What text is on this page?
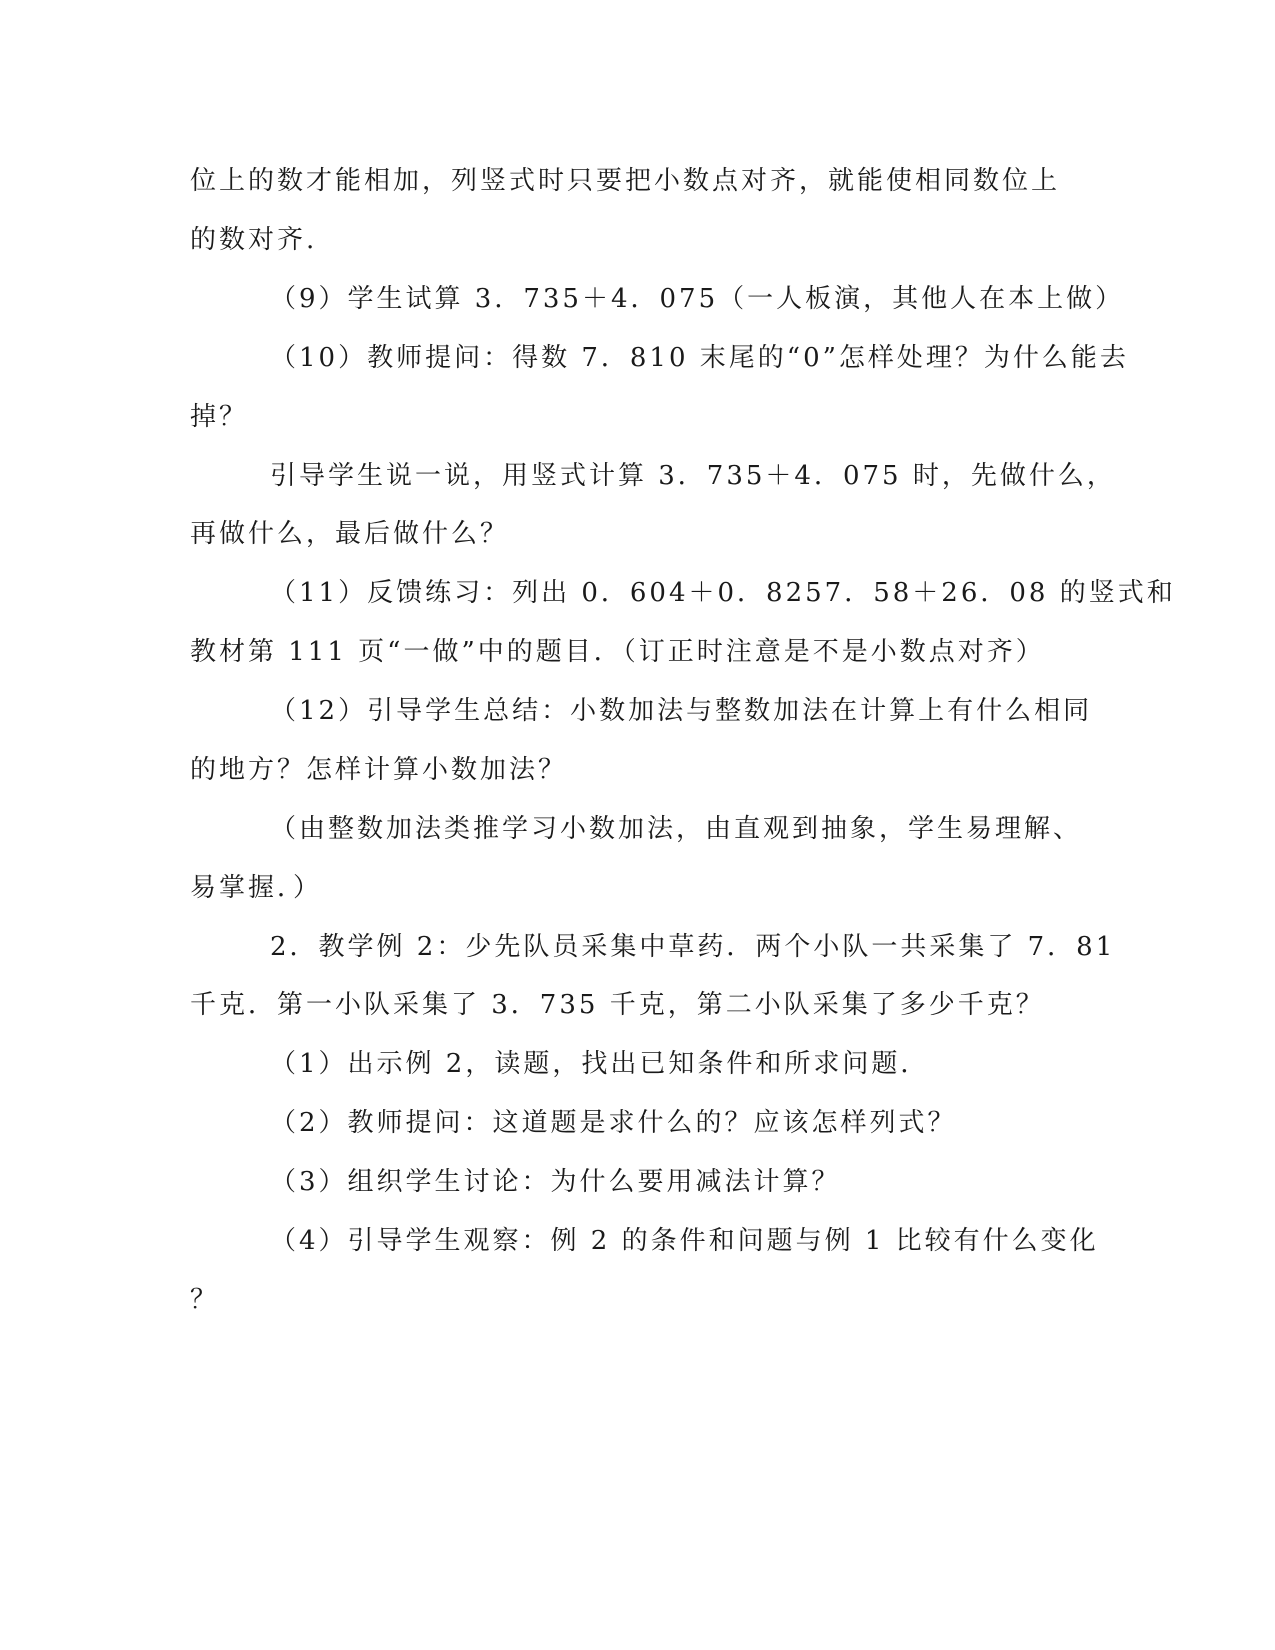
位上的数才能相加，列竖式时只要把小数点对齐，就能使相同数位上
的数对齐.
（9）学生试算 3．735＋4．075（一人板演，其他人在本上做）
（10）教师提问：得数 7．810 末尾的“0”怎样处理？为什么能去
掉？
引导学生说一说，用竖式计算 3．735＋4．075 时，先做什么，
再做什么，最后做什么？
（11）反馈练习：列出 0．604＋0．8257．58＋26．08 的竖式和
教材第 111 页“一做”中的题目．（订正时注意是不是小数点对齐）
（12）引导学生总结：小数加法与整数加法在计算上有什么相同
的地方？怎样计算小数加法？
（由整数加法类推学习小数加法，由直观到抽象，学生易理解、
易掌握．）
2．教学例 2：少先队员采集中草药．两个小队一共采集了 7．81
千克．第一小队采集了 3．735 千克，第二小队采集了多少千克？
（1）出示例 2，读题，找出已知条件和所求问题．
（2）教师提问：这道题是求什么的？应该怎样列式？
（3）组织学生讨论：为什么要用减法计算？
（4）引导学生观察：例 2 的条件和问题与例 1 比较有什么变化
？
